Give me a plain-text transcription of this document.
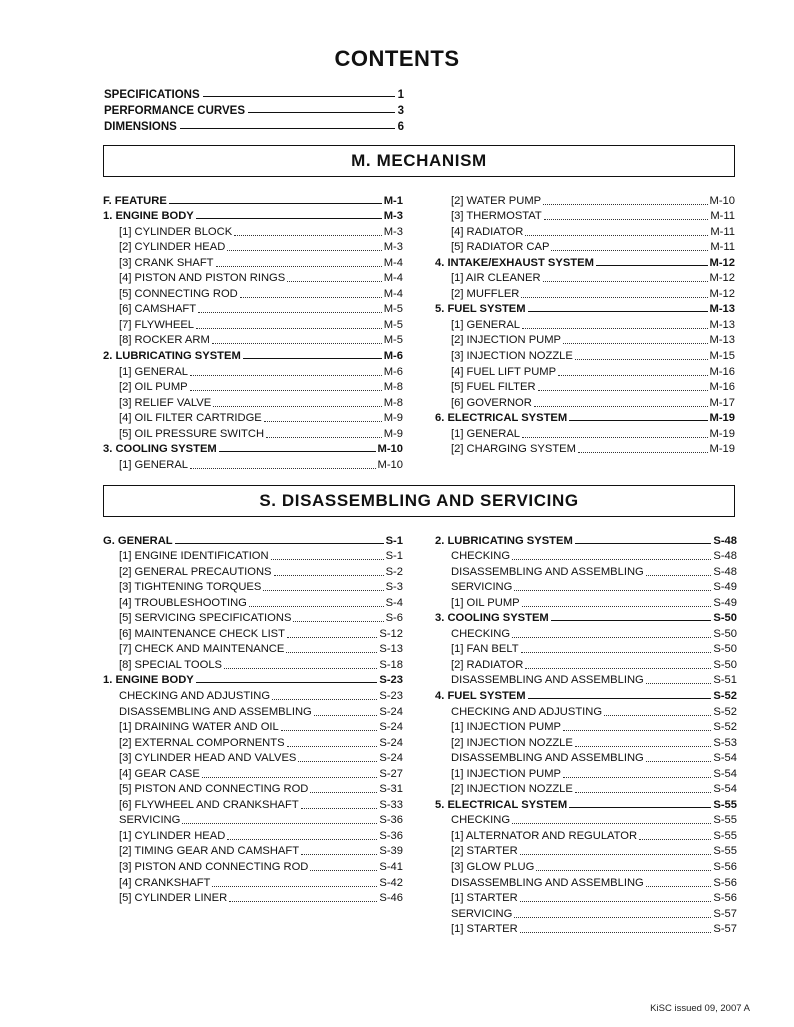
CONTENTS
SPECIFICATIONS	1
PERFORMANCE CURVES	3
DIMENSIONS	6
M. MECHANISM
F. FEATURE	M-1
1. ENGINE BODY	M-3
[1] CYLINDER BLOCK	M-3
[2] CYLINDER HEAD	M-3
[3] CRANK SHAFT	M-4
[4] PISTON AND PISTON RINGS	M-4
[5] CONNECTING ROD	M-4
[6] CAMSHAFT	M-5
[7] FLYWHEEL	M-5
[8] ROCKER ARM	M-5
2. LUBRICATING SYSTEM	M-6
[1] GENERAL	M-6
[2] OIL PUMP	M-8
[3] RELIEF VALVE	M-8
[4] OIL FILTER CARTRIDGE	M-9
[5] OIL PRESSURE SWITCH	M-9
3. COOLING SYSTEM	M-10
[1] GENERAL	M-10
[2] WATER PUMP	M-10
[3] THERMOSTAT	M-11
[4] RADIATOR	M-11
[5] RADIATOR CAP	M-11
4. INTAKE/EXHAUST SYSTEM	M-12
[1] AIR CLEANER	M-12
[2] MUFFLER	M-12
5. FUEL SYSTEM	M-13
[1] GENERAL	M-13
[2] INJECTION PUMP	M-13
[3] INJECTION NOZZLE	M-15
[4] FUEL LIFT PUMP	M-16
[5] FUEL FILTER	M-16
[6] GOVERNOR	M-17
6. ELECTRICAL SYSTEM	M-19
[1] GENERAL	M-19
[2] CHARGING SYSTEM	M-19
S. DISASSEMBLING AND SERVICING
G. GENERAL	S-1
[1] ENGINE IDENTIFICATION	S-1
[2] GENERAL PRECAUTIONS	S-2
[3] TIGHTENING TORQUES	S-3
[4] TROUBLESHOOTING	S-4
[5] SERVICING SPECIFICATIONS	S-6
[6] MAINTENANCE CHECK LIST	S-12
[7] CHECK AND MAINTENANCE	S-13
[8] SPECIAL TOOLS	S-18
1. ENGINE BODY	S-23
CHECKING AND ADJUSTING	S-23
DISASSEMBLING AND ASSEMBLING	S-24
[1] DRAINING WATER AND OIL	S-24
[2] EXTERNAL COMPORNENTS	S-24
[3] CYLINDER HEAD AND VALVES	S-24
[4] GEAR CASE	S-27
[5] PISTON AND CONNECTING ROD	S-31
[6] FLYWHEEL AND CRANKSHAFT	S-33
SERVICING	S-36
[1] CYLINDER HEAD	S-36
[2] TIMING GEAR AND CAMSHAFT	S-39
[3] PISTON AND CONNECTING ROD	S-41
[4] CRANKSHAFT	S-42
[5] CYLINDER LINER	S-46
2. LUBRICATING SYSTEM	S-48
CHECKING	S-48
DISASSEMBLING AND ASSEMBLING	S-48
SERVICING	S-49
[1] OIL PUMP	S-49
3. COOLING SYSTEM	S-50
CHECKING	S-50
[1] FAN BELT	S-50
[2] RADIATOR	S-50
DISASSEMBLING AND ASSEMBLING	S-51
4. FUEL SYSTEM	S-52
CHECKING AND ADJUSTING	S-52
[1] INJECTION PUMP	S-52
[2] INJECTION NOZZLE	S-53
DISASSEMBLING AND ASSEMBLING	S-54
[1] INJECTION PUMP	S-54
[2] INJECTION NOZZLE	S-54
5. ELECTRICAL SYSTEM	S-55
CHECKING	S-55
[1] ALTERNATOR AND REGULATOR	S-55
[2] STARTER	S-55
[3] GLOW PLUG	S-56
DISASSEMBLING AND ASSEMBLING	S-56
[1] STARTER	S-56
SERVICING	S-57
[1] STARTER	S-57
KiSC issued 09, 2007 A
